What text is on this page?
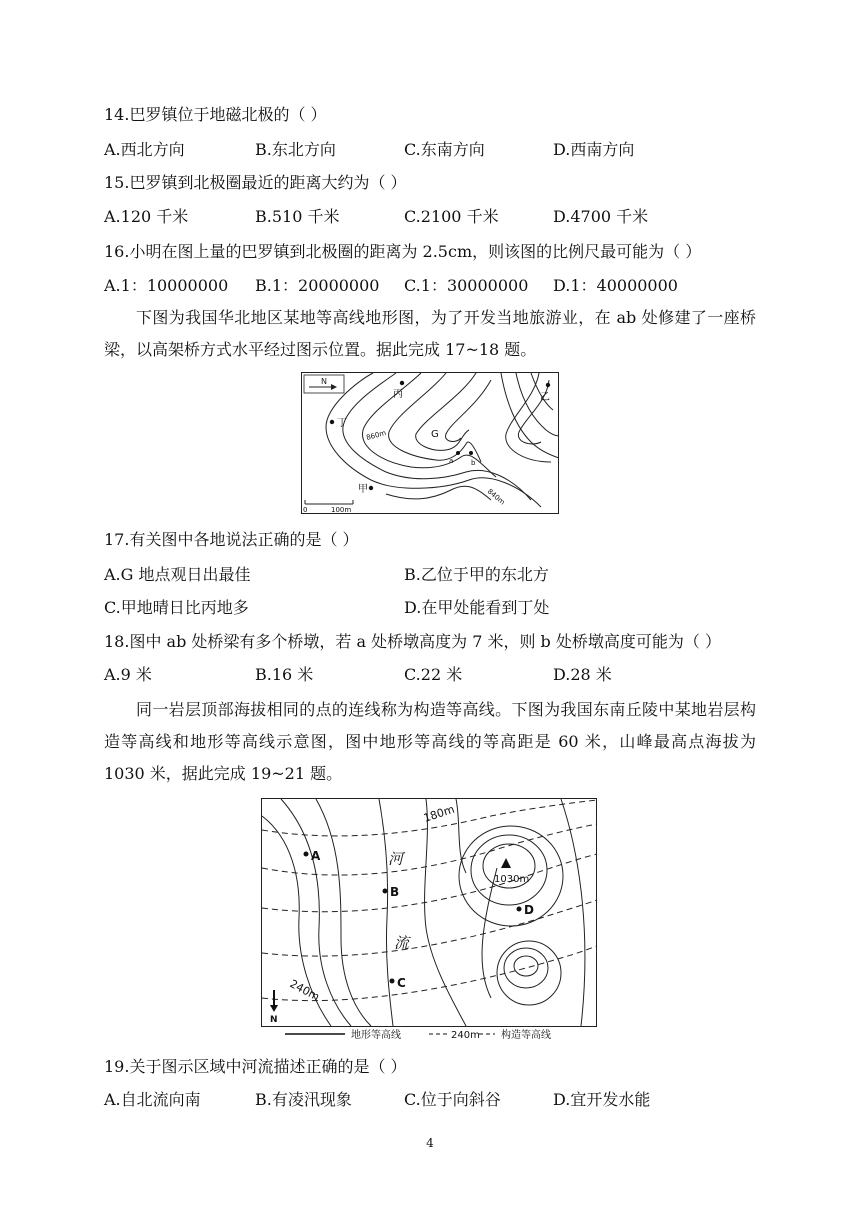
14.巴罗镇位于地磁北极的（ ）
A.西北方向	B.东北方向	C.东南方向	D.西南方向
15.巴罗镇到北极圈最近的距离大约为（ ）
A.120 千米	B.510 千米	C.2100 千米	D.4700 千米
16.小明在图上量的巴罗镇到北极圈的距离为 2.5cm，则该图的比例尺最可能为（ ）
A.1：10000000 B.1：20000000 C.1：30000000 D.1：40000000
下图为我国华北地区某地等高线地形图，为了开发当地旅游业，在 ab 处修建了一座桥梁，以高架桥方式水平经过图示位置。据此完成 17~18 题。
N
丙	乙
丁
G
a	b
甲
860m
840m
0	100m
17.有关图中各地说法正确的是（ ）
A.G 地点观日出最佳	B.乙位于甲的东北方
C.甲地晴日比丙地多	D.在甲处能看到丁处
18.图中 ab 处桥梁有多个桥墩，若 a 处桥墩高度为 7 米，则 b 处桥墩高度可能为（ ）
A.9 米	B.16 米	C.22 米	D.28 米
同一岩层顶部海拔相同的点的连线称为构造等高线。下图为我国东南丘陵中某地岩层构造等高线和地形等高线示意图，图中地形等高线的等高距是 60 米，山峰最高点海拔为 1030 米，据此完成 19~21 题。
A
B
D
C
河
流
1030m
180m
240m
N
地形等高线	240m 构造等高线
19.关于图示区域中河流描述正确的是（ ）
A.自北流向南	B.有凌汛现象	C.位于向斜谷	D.宜开发水能
4
